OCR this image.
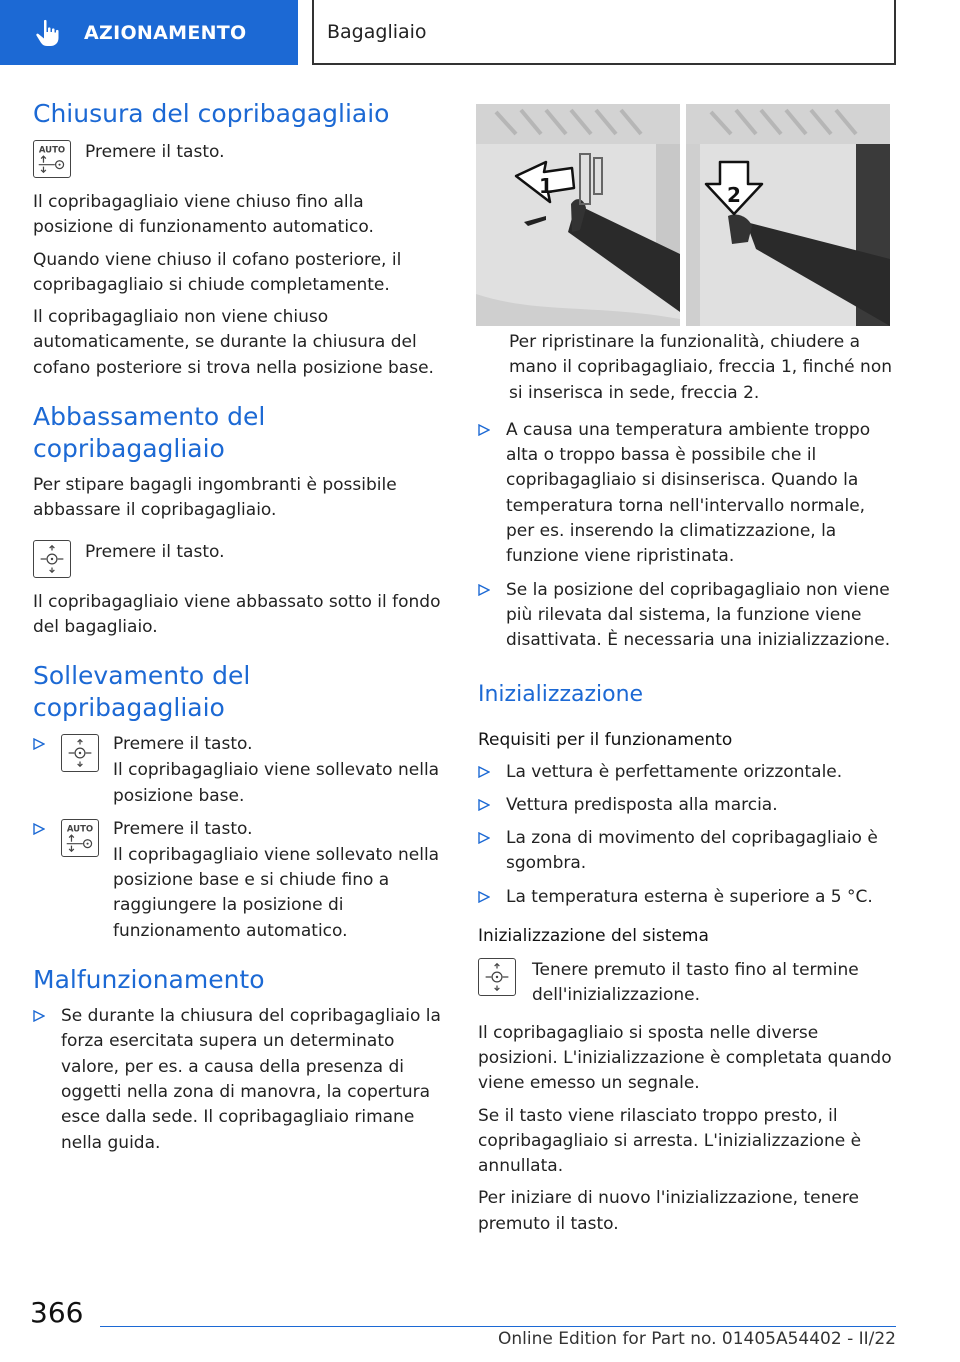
AZIONAMENTO	Bagagliaio
Chiusura del copribagagliaio

Premere il tasto.

Il copribagagliaio viene chiuso fino alla posizione di funzionamento automatico.

Quando viene chiuso il cofano posteriore, il copribagagliaio si chiude completamente.

Il copribagagliaio non viene chiuso automaticamente, se durante la chiusura del cofano posteriore si trova nella posizione base.

Abbassamento del copribagagliaio

Per stipare bagagli ingombranti è possibile abbassare il copribagagliaio.

Premere il tasto.

Il copribagagliaio viene abbassato sotto il fondo del bagagliaio.

Sollevamento del copribagagliaio

Premere il tasto.

Il copribagagliaio viene sollevato nella posizione base.

Premere il tasto.

Il copribagagliaio viene sollevato nella posizione base e si chiude fino a raggiungere la posizione di funzionamento automatico.

Malfunzionamento
Se durante la chiusura del copribagagliaio la forza esercitata supera un determinato valore, per es. a causa della presenza di oggetti nella zona di manovra, la copertura esce dalla sede. Il copribagagliaio rimane nella guida.
1	2

Per ripristinare la funzionalità, chiudere a mano il copribagagliaio, freccia 1, finché non si inserisca in sede, freccia 2.

A causa una temperatura ambiente troppo alta o troppo bassa è possibile che il copribagagliaio si disinserisca. Quando la temperatura torna nell'intervallo normale, per es. inserendo la climatizzazione, la funzione viene ripristinata.
Se la posizione del copribagagliaio non viene più rilevata dal sistema, la funzione viene disattivata. È necessaria una inizializzazione.
Inizializzazione
Requisiti per il funzionamento
La vettura è perfettamente orizzontale.
Vettura predisposta alla marcia.
La zona di movimento del copribagagliaio è sgombra.
La temperatura esterna è superiore a 5 °C.
Inizializzazione del sistema

Tenere premuto il tasto fino al termine dell'inizializzazione.

Il copribagagliaio si sposta nelle diverse posizioni. L'inizializzazione è completata quando viene emesso un segnale.

Se il tasto viene rilasciato troppo presto, il copribagagliaio si arresta. L'inizializzazione è annullata.

Per iniziare di nuovo l'inizializzazione, tenere premuto il tasto.

366
Online Edition for Part no. 01405A54402 - II/22
